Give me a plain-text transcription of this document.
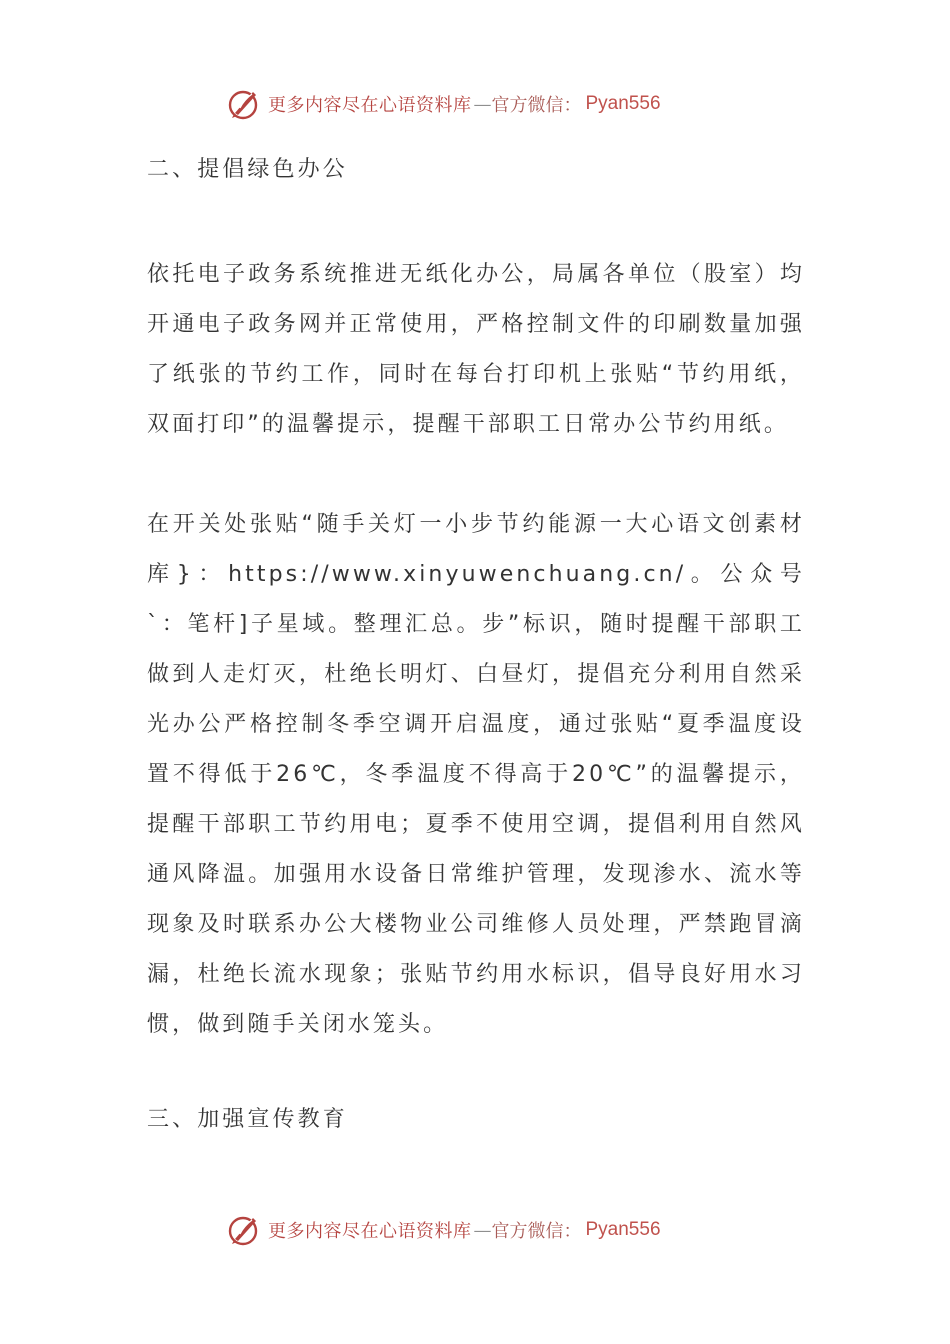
更多内容尽在心语资料库 — 官方微信： Pyan556

二、提倡绿色办公

依托电子政务系统推进无纸化办公，局属各单位（股室）均开通电子政务网并正常使用，严格控制文件的印刷数量加强了纸张的节约工作，同时在每台打印机上张贴“节约用纸，双面打印”的温馨提示，提醒干部职工日常办公节约用纸。

在开关处张贴“随手关灯一小步节约能源一大心语文创素材库}：https://www.xinyuwenchuang.cn/。公众号`：笔杆]子星域。整理汇总。步”标识，随时提醒干部职工做到人走灯灭，杜绝长明灯、白昼灯，提倡充分利用自然采光办公严格控制冬季空调开启温度，通过张贴“夏季温度设置不得低于26℃，冬季温度不得高于20℃”的温馨提示，提醒干部职工节约用电；夏季不使用空调，提倡利用自然风通风降温。加强用水设备日常维护管理，发现渗水、流水等现象及时联系办公大楼物业公司维修人员处理，严禁跑冒滴漏，杜绝长流水现象；张贴节约用水标识，倡导良好用水习惯，做到随手关闭水笼头。

三、加强宣传教育

更多内容尽在心语资料库 — 官方微信： Pyan556
